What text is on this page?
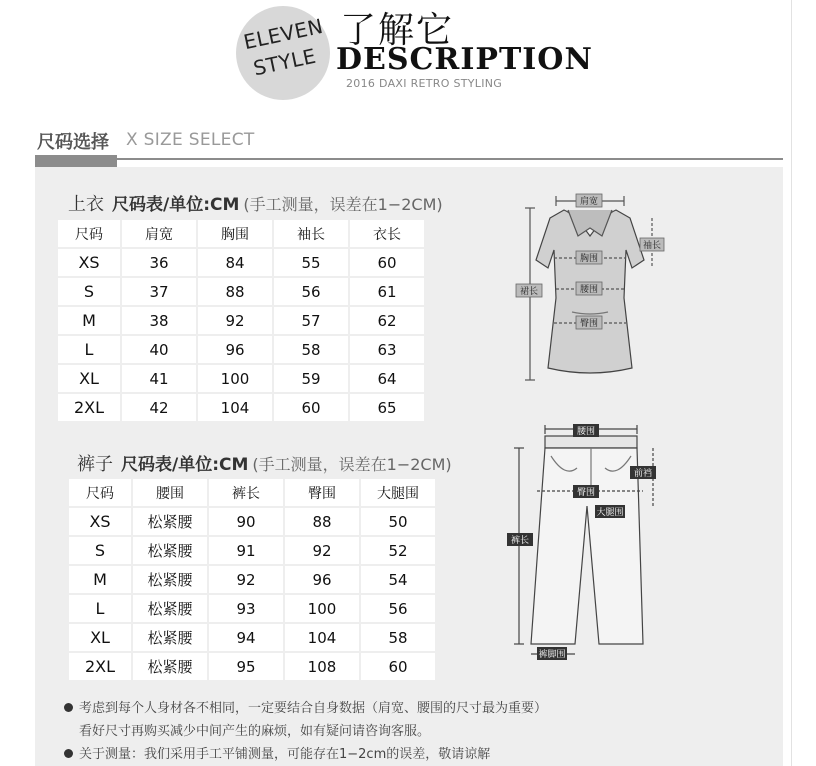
ELEVEN
STYLE
了解它
DESCRIPTION
2016 DAXI RETRO STYLING
尺码选择 X SIZE SELECT
上衣 尺码表/单位:CM (手工测量，误差在1−2CM)
尺码	肩宽	胸围	袖长	衣长
XS	36	84	55	60
S	37	88	56	61
M	38	92	57	62
L	40	96	58	63
XL	41	100	59	64
2XL	42	104	60	65
裤子 尺码表/单位:CM (手工测量，误差在1−2CM)
尺码	腰围	裤长	臀围	大腿围
XS	松紧腰	90	88	50
S	松紧腰	91	92	52
M	松紧腰	92	96	54
L	松紧腰	93	100	56
XL	松紧腰	94	104	58
2XL	松紧腰	95	108	60
肩宽
袖长
胸围
裙长	腰围
臀围
腰围
前裆
臀围
大腿围
裤长
裤脚围
考虑到每个人身材各不相同，一定要结合自身数据（肩宽、腰围的尺寸最为重要）
看好尺寸再购买减少中间产生的麻烦，如有疑问请咨询客服。
关于测量：我们采用手工平铺测量，可能存在1−2cm的误差，敬请谅解
